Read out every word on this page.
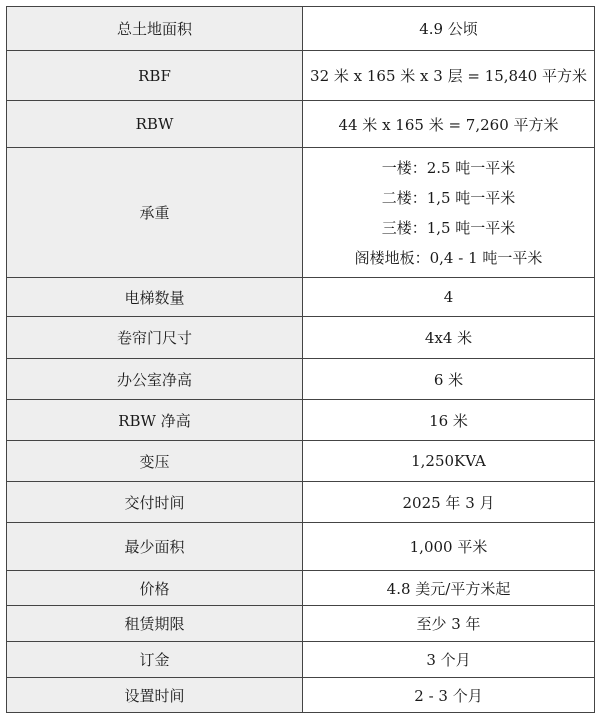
总土地面积	4.9 公顷
RBF	32 米 x 165 米 x 3 层 = 15,840 平方米
RBW	44 米 x 165 米 = 7,260 平方米
承重	一楼：2.5 吨一平米
二楼：1,5 吨一平米
三楼：1,5 吨一平米
阁楼地板：0,4 - 1 吨一平米

电梯数量	4
卷帘门尺寸	4x4 米
办公室净高	6 米
RBW 净高	16 米
变压	1,250KVA
交付时间	2025 年 3 月
最少面积	1,000 平米
价格	4.8 美元/平方米起
租赁期限	至少 3 年
订金	3 个月
设置时间	2 - 3 个月
